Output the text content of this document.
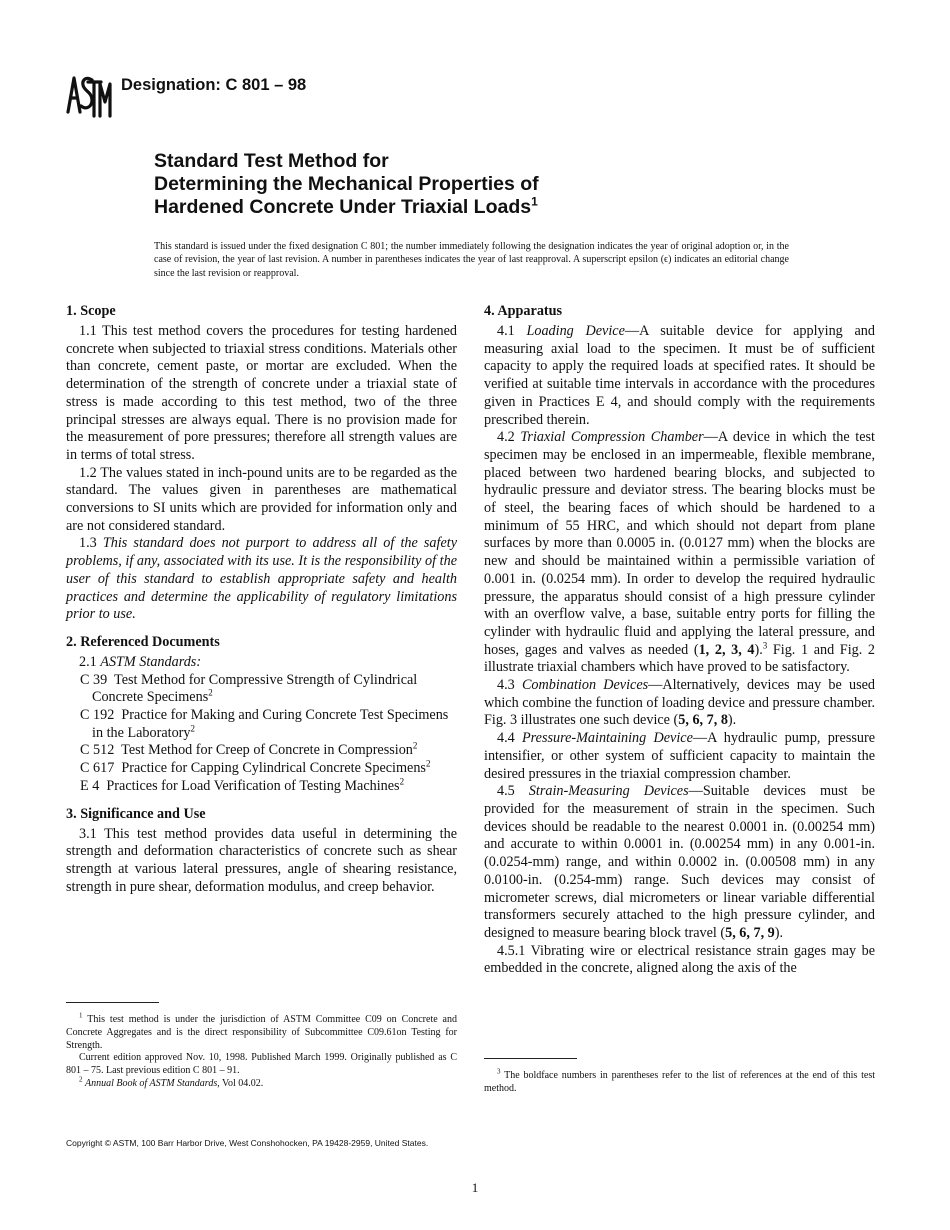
ASTM
Designation: C 801 – 98
Standard Test Method for
Determining the Mechanical Properties of
Hardened Concrete Under Triaxial Loads$^1$
This standard is issued under the fixed designation C 801; the number immediately following the designation indicates the year of original adoption or, in the case of revision, the year of last revision. A number in parentheses indicates the year of last reapproval. A superscript epsilon (ϵ) indicates an editorial change since the last revision or reapproval.
1. Scope

1.1 This test method covers the procedures for testing hardened concrete when subjected to triaxial stress conditions. Materials other than concrete, cement paste, or mortar are excluded. When the determination of the strength of concrete under a triaxial state of stress is made according to this test method, two of the three principal stresses are always equal. There is no provision made for the measurement of pore pressures; therefore all strength values are in terms of total stress.

1.2 The values stated in inch-pound units are to be regarded as the standard. The values given in parentheses are mathematical conversions to SI units which are provided for information only and are not considered standard.

1.3 This standard does not purport to address all of the safety problems, if any, associated with its use. It is the responsibility of the user of this standard to establish appropriate safety and health practices and determine the applicability of regulatory limitations prior to use.

2. Referenced Documents

2.1 ASTM Standards:

C 39 Test Method for Compressive Strength of Cylindrical Concrete Specimens$^2$
C 192 Practice for Making and Curing Concrete Test Specimens in the Laboratory$^2$
C 512 Test Method for Creep of Concrete in Compression$^2$
C 617 Practice for Capping Cylindrical Concrete Specimens$^2$
E 4 Practices for Load Verification of Testing Machines$^2$
3. Significance and Use

3.1 This test method provides data useful in determining the strength and deformation characteristics of concrete such as shear strength at various lateral pressures, angle of shearing resistance, strength in pure shear, deformation modulus, and creep behavior.

4. Apparatus

4.1 Loading Device—A suitable device for applying and measuring axial load to the specimen. It must be of sufficient capacity to apply the required loads at specified rates. It should be verified at suitable time intervals in accordance with the procedures given in Practices E 4, and should comply with the requirements prescribed therein.

4.2 Triaxial Compression Chamber—A device in which the test specimen may be enclosed in an impermeable, flexible membrane, placed between two hardened bearing blocks, and subjected to hydraulic pressure and deviator stress. The bearing blocks must be of steel, the bearing faces of which should be hardened to a minimum of 55 HRC, and which should not depart from plane surfaces by more than 0.0005 in. (0.0127 mm) when the blocks are new and should be maintained within a permissible variation of 0.001 in. (0.0254 mm). In order to develop the required hydraulic pressure, the apparatus should consist of a high pressure cylinder with an overflow valve, a base, suitable entry ports for filling the cylinder with hydraulic fluid and applying the lateral pressure, and hoses, gages and valves as needed (1, 2, 3, 4).$^3$ Fig. 1 and Fig. 2 illustrate triaxial chambers which have proved to be satisfactory.

4.3 Combination Devices—Alternatively, devices may be used which combine the function of loading device and pressure chamber. Fig. 3 illustrates one such device (5, 6, 7, 8).

4.4 Pressure-Maintaining Device—A hydraulic pump, pressure intensifier, or other system of sufficient capacity to maintain the desired pressures in the triaxial compression chamber.

4.5 Strain-Measuring Devices—Suitable devices must be provided for the measurement of strain in the specimen. Such devices should be readable to the nearest 0.0001 in. (0.00254 mm) and accurate to within 0.0001 in. (0.00254 mm) in any 0.001-in. (0.0254-mm) range, and within 0.0002 in. (0.00508 mm) in any 0.0100-in. (0.254-mm) range. Such devices may consist of micrometer screws, dial micrometers or linear variable differential transformers securely attached to the high pressure cylinder, and designed to measure bearing block travel (5, 6, 7, 9).

4.5.1 Vibrating wire or electrical resistance strain gages may be embedded in the concrete, aligned along the axis of the

$^1$ This test method is under the jurisdiction of ASTM Committee C09 on Concrete and Concrete Aggregates and is the direct responsibility of Subcommittee C09.61on Testing for Strength.

Current edition approved Nov. 10, 1998. Published March 1999. Originally published as C 801 – 75. Last previous edition C 801 – 91.

$^2$ Annual Book of ASTM Standards, Vol 04.02.

$^3$ The boldface numbers in parentheses refer to the list of references at the end of this test method.

Copyright © ASTM, 100 Barr Harbor Drive, West Conshohocken, PA 19428-2959, United States.
1
